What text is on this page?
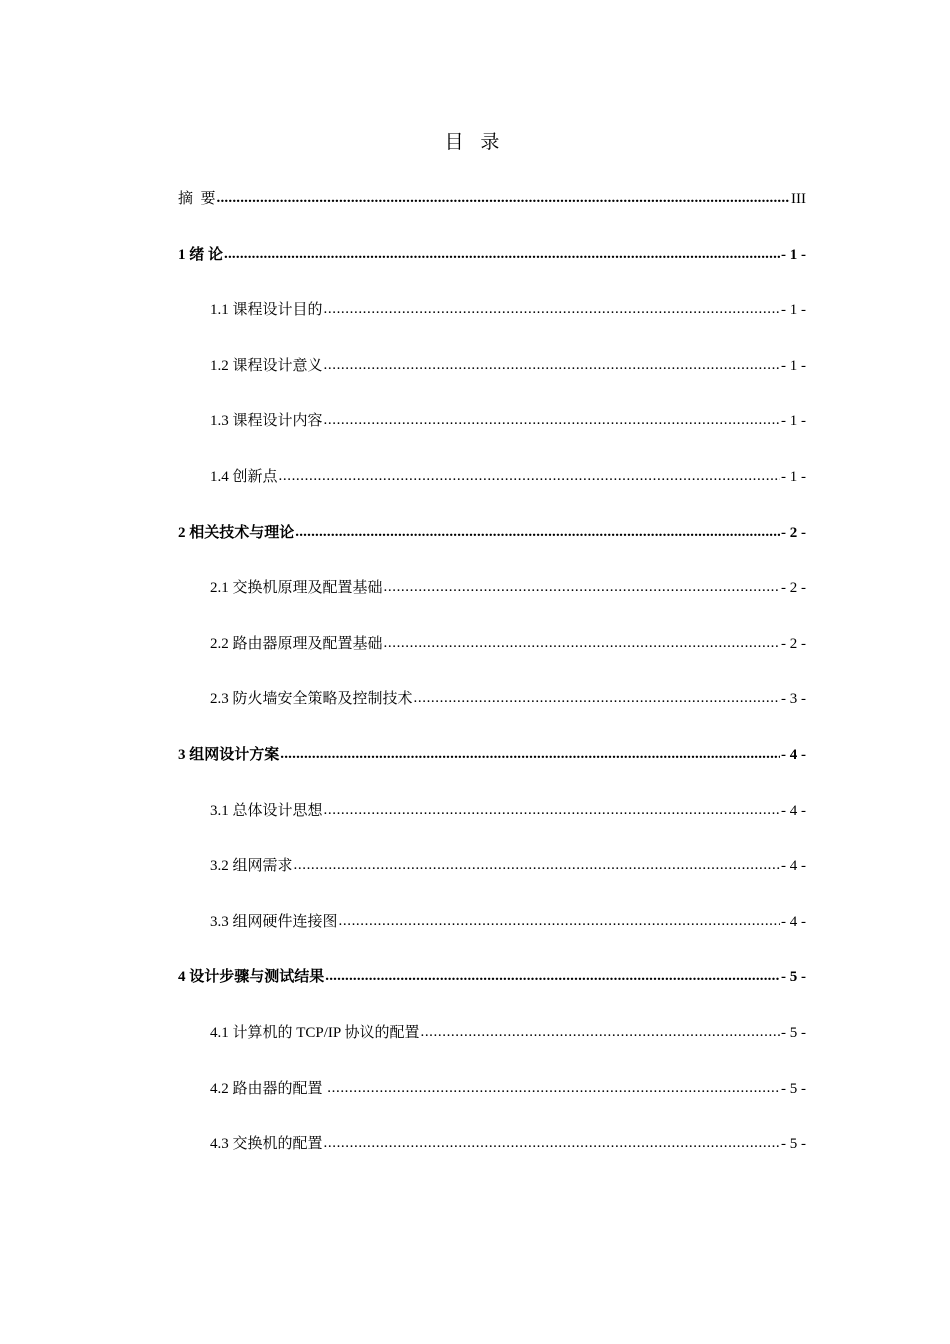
目 录
摘  要 .....	III
1 绪 论 .....	- 1 -
1.1 课程设计目的 .....	- 1 -
1.2 课程设计意义 .....	- 1 -
1.3 课程设计内容 .....	- 1 -
1.4 创新点 .....	- 1 -
2 相关技术与理论 .....	- 2 -
2.1 交换机原理及配置基础 .....	- 2 -
2.2 路由器原理及配置基础 .....	- 2 -
2.3 防火墙安全策略及控制技术 .....	- 3 -
3 组网设计方案 .....	- 4 -
3.1 总体设计思想 .....	- 4 -
3.2 组网需求 .....	- 4 -
3.3 组网硬件连接图 .....	- 4 -
4 设计步骤与测试结果 .....	- 5 -
4.1 计算机的 TCP/IP 协议的配置 .....	- 5 -
4.2 路由器的配置 .....	- 5 -
4.3 交换机的配置 .....	- 5 -
